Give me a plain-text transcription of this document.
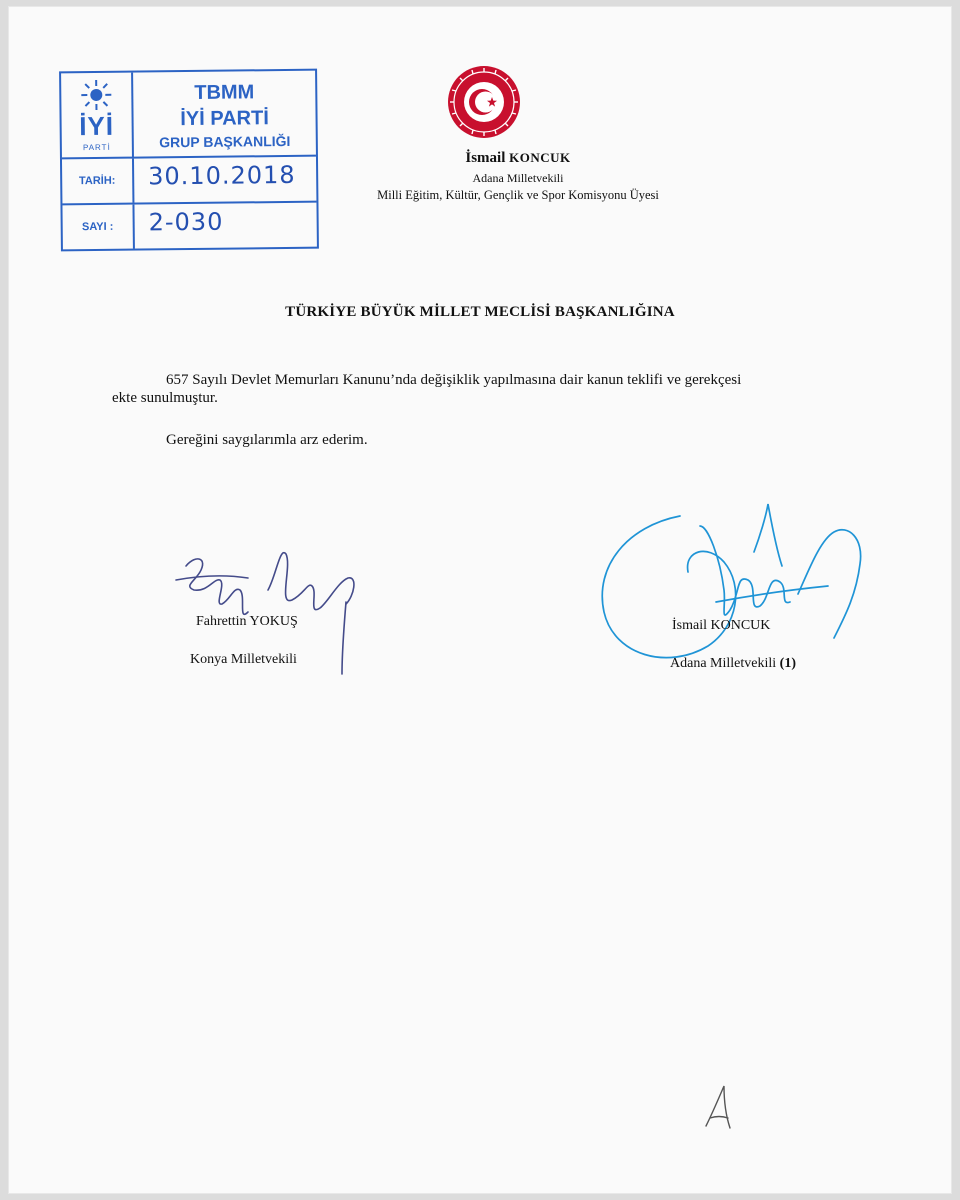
İYİ
PARTİ
TBMM
İYİ PARTİ
GRUP BAŞKANLIĞI
TARİH:	30.10.2018
SAYI :	2-030
İsmail KONCUK
Adana Milletvekili
Milli Eğitim, Kültür, Gençlik ve Spor Komisyonu Üyesi
TÜRKİYE BÜYÜK MİLLET MECLİSİ BAŞKANLIĞINA
657 Sayılı Devlet Memurları Kanunu’nda değişiklik yapılmasına dair kanun teklifi ve gerekçesi
ekte sunulmuştur.
Gereğini saygılarımla arz ederim.
Fahrettin YOKUŞ
Konya Milletvekili
İsmail KONCUK
Adana Milletvekili (1)
